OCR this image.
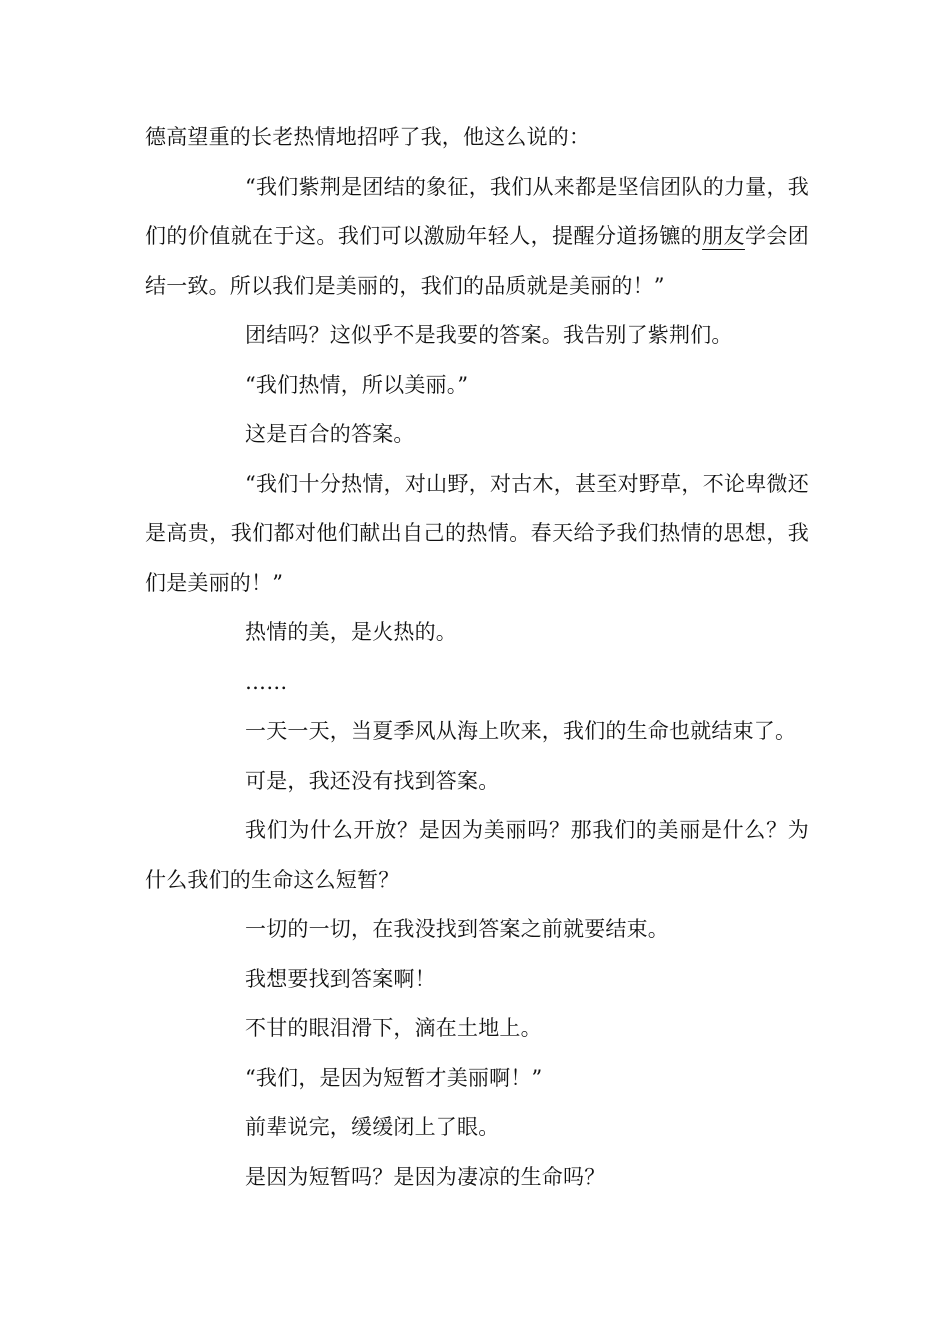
德高望重的长老热情地招呼了我，他这么说的：

“我们紫荆是团结的象征，我们从来都是坚信团队的力量，我们的价值就在于这。我们可以激励年轻人，提醒分道扬镳的朋友学会团结一致。所以我们是美丽的，我们的品质就是美丽的！”

团结吗？这似乎不是我要的答案。我告别了紫荆们。

“我们热情，所以美丽。”

这是百合的答案。

“我们十分热情，对山野，对古木，甚至对野草，不论卑微还是高贵，我们都对他们献出自己的热情。春天给予我们热情的思想，我们是美丽的！”

热情的美，是火热的。

……

一天一天，当夏季风从海上吹来，我们的生命也就结束了。

可是，我还没有找到答案。

我们为什么开放？是因为美丽吗？那我们的美丽是什么？为什么我们的生命这么短暂？

一切的一切，在我没找到答案之前就要结束。

我想要找到答案啊！

不甘的眼泪滑下，滴在土地上。

“我们，是因为短暂才美丽啊！”

前辈说完，缓缓闭上了眼。

是因为短暂吗？是因为凄凉的生命吗？
